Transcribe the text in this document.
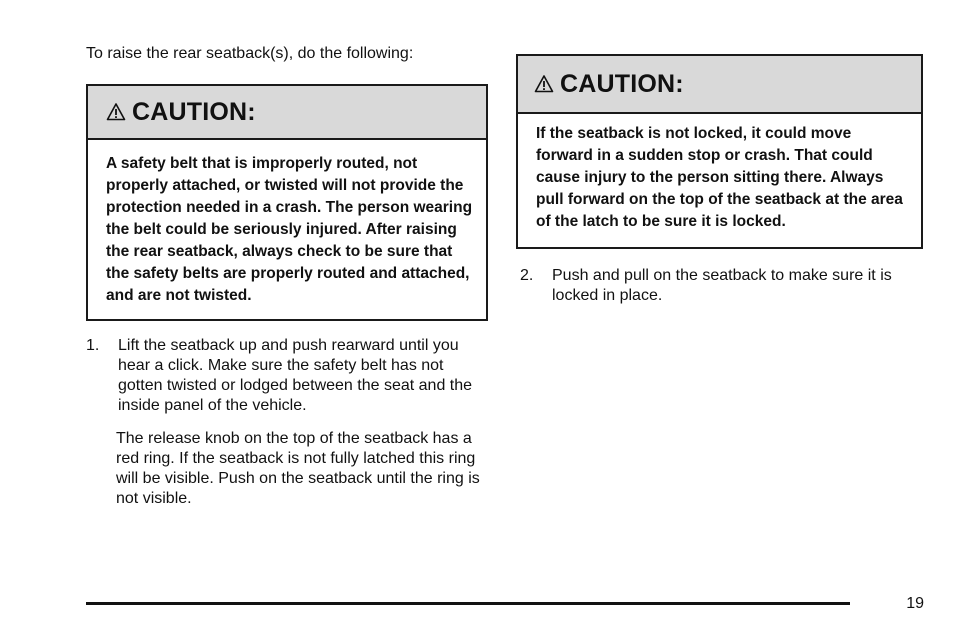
To raise the rear seatback(s), do the following:

CAUTION:
A safety belt that is improperly routed, not properly attached, or twisted will not provide the protection needed in a crash. The person wearing the belt could be seriously injured. After raising the rear seatback, always check to be sure that the safety belts are properly routed and attached, and are not twisted.
1.	Lift the seatback up and push rearward until you hear a click. Make sure the safety belt has not gotten twisted or lodged between the seat and the inside panel of the vehicle.

The release knob on the top of the seatback has a red ring. If the seatback is not fully latched this ring will be visible. Push on the seatback until the ring is not visible.

CAUTION:
If the seatback is not locked, it could move forward in a sudden stop or crash. That could cause injury to the person sitting there. Always pull forward on the top of the seatback at the area of the latch to be sure it is locked.
2.	Push and pull on the seatback to make sure it is locked in place.
19
